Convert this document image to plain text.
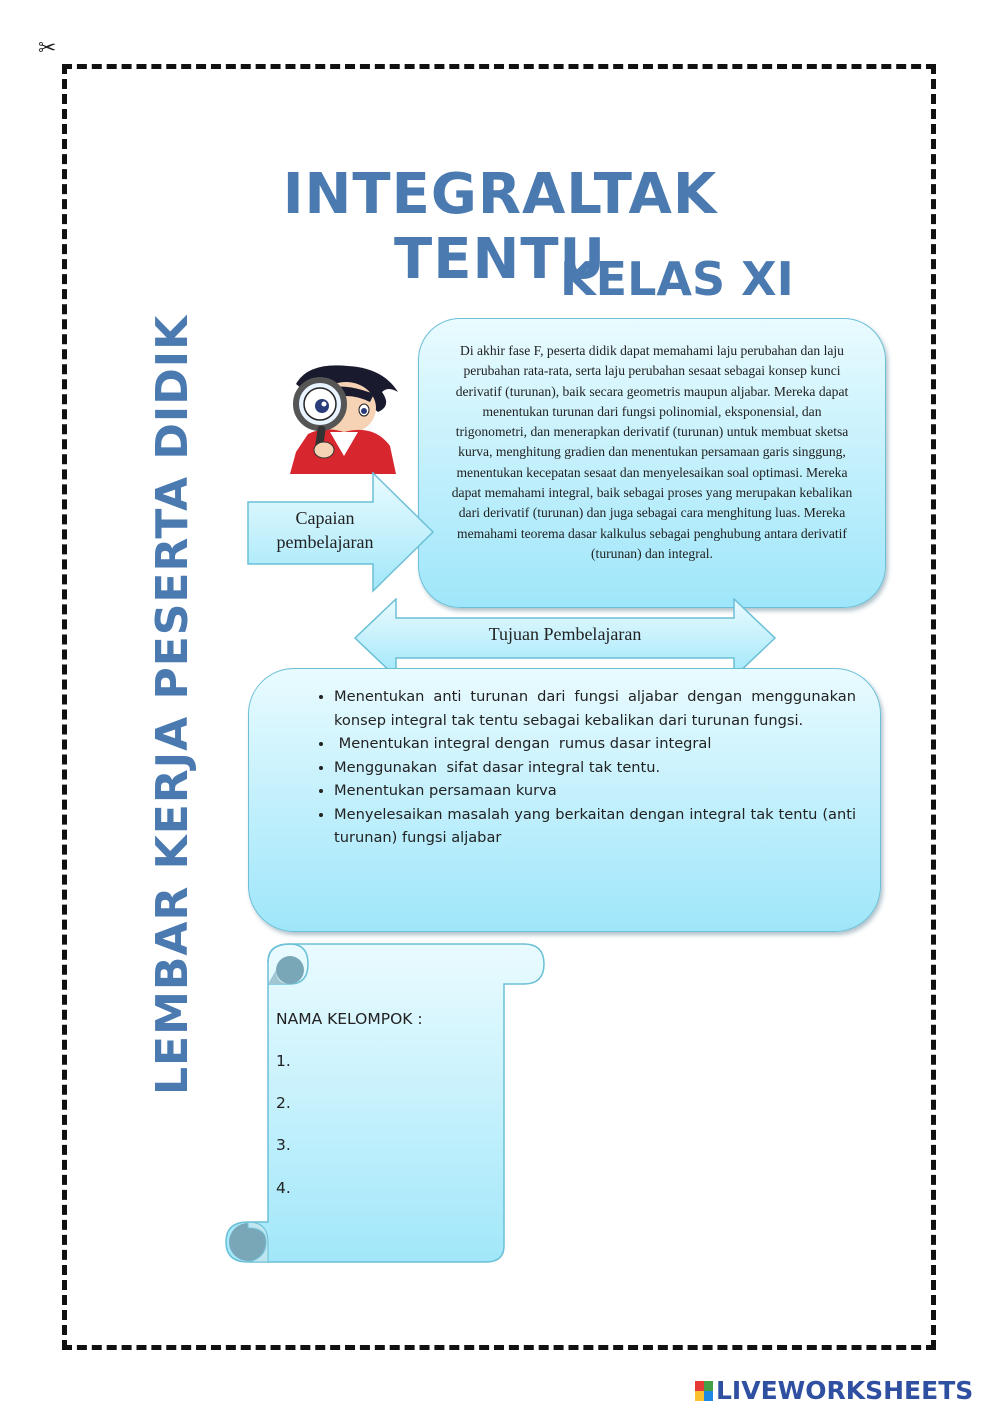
✂
INTEGRALTAK TENTU
KELAS XI
LEMBAR KERJA PESERTA DIDIK	Di akhir fase F, peserta didik dapat memahami laju perubahan dan laju perubahan rata-rata, serta laju perubahan sesaat sebagai konsep kunci derivatif (turunan), baik secara geometris maupun aljabar. Mereka dapat menentukan turunan dari fungsi polinomial, eksponensial, dan trigonometri, dan menerapkan derivatif (turunan) untuk membuat sketsa kurva, menghitung gradien dan menentukan persamaan garis singgung, menentukan kecepatan sesaat dan menyelesaikan soal optimasi. Mereka dapat memahami integral, baik sebagai proses yang merupakan kebalikan dari derivatif (turunan) dan juga sebagai cara menghitung luas. Mereka memahami teorema dasar kalkulus sebagai penghubung antara derivatif (turunan) dan integral.

Capaian
pembelajaran
Tujuan Pembelajaran
• Menentukan anti turunan dari fungsi aljabar dengan menggunakan konsep integral tak tentu sebagai kebalikan dari turunan fungsi.
•  Menentukan integral dengan  rumus dasar integral
• Menggunakan  sifat dasar integral tak tentu.
• Menentukan persamaan kurva
• Menyelesaikan masalah yang berkaitan dengan integral tak tentu (anti turunan) fungsi aljabar
NAMA KELOMPOK :
1.
2.
3.
4.
LIVEWORKSHEETS
